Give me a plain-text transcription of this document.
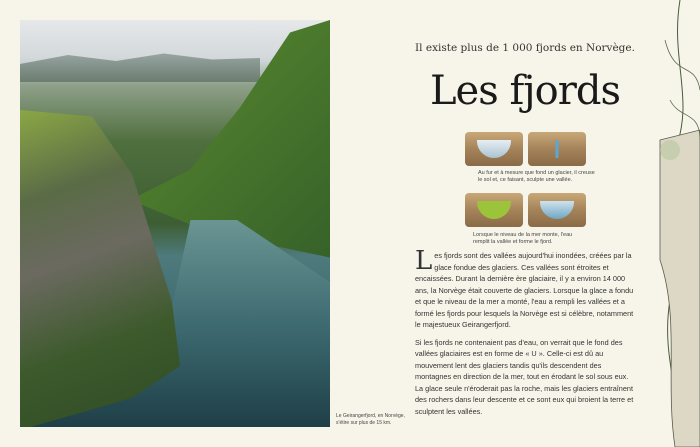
Il existe plus de 1 000 fjords en Norvège.
Les fjords
Au fur et à mesure que fond un glacier, il creuse le sol et, ce faisant, sculpte une vallée.
Lorsque le niveau de la mer monte, l'eau remplit la vallée et forme le fjord.
Les fjords sont des vallées aujourd'hui inondées, créées par la glace fondue des glaciers. Ces vallées sont étroites et encaissées. Durant la dernière ère glaciaire, il y a environ 14 000 ans, la Norvège était couverte de glaciers. Lorsque la glace a fondu et que le niveau de la mer a monté, l'eau a rempli les vallées et a formé les fjords pour lesquels la Norvège est si célèbre, notamment le majestueux Geirangerfjord.
Si les fjords ne contenaient pas d'eau, on verrait que le fond des vallées glaciaires est en forme de « U ». Celle-ci est dû au mouvement lent des glaciers tandis qu'ils descendent des montagnes en direction de la mer, tout en érodant le sol sous eux. La glace seule n'éroderait pas la roche, mais les glaciers entraînent des rochers dans leur descente et ce sont eux qui broient la terre et sculptent les vallées.
Le Geirangerfjord, en Norvège, s'étire sur plus de 15 km.
